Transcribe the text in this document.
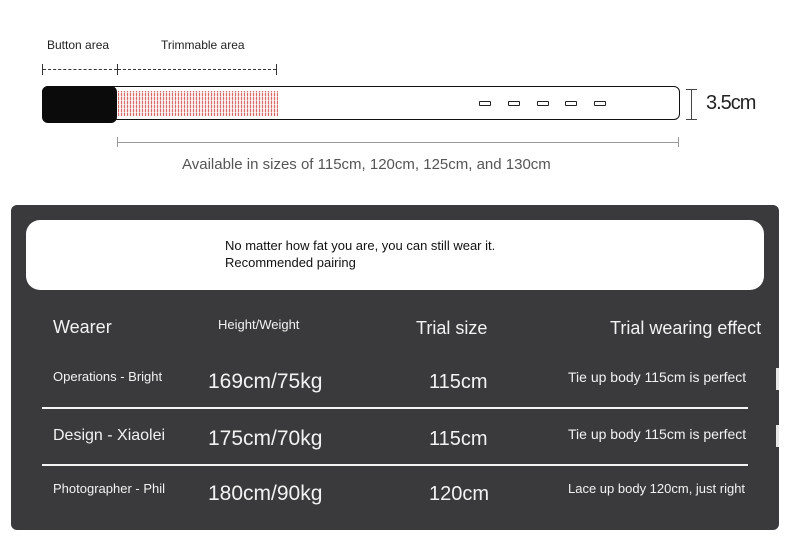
Button area	Trimmable area
3.5cm
Available in sizes of 115cm, 120cm, 125cm, and 130cm
No matter how fat you are, you can still wear it.
Recommended pairing
Wearer	Height/Weight	Trial size	Trial wearing effect
Operations - Bright 169cm/75kg	115cm	Tie up body 115cm is perfect
Design - Xiaolei 175cm/70kg	115cm	Tie up body 115cm is perfect
Photographer - Phil 180cm/90kg	120cm	Lace up body 120cm, just right
